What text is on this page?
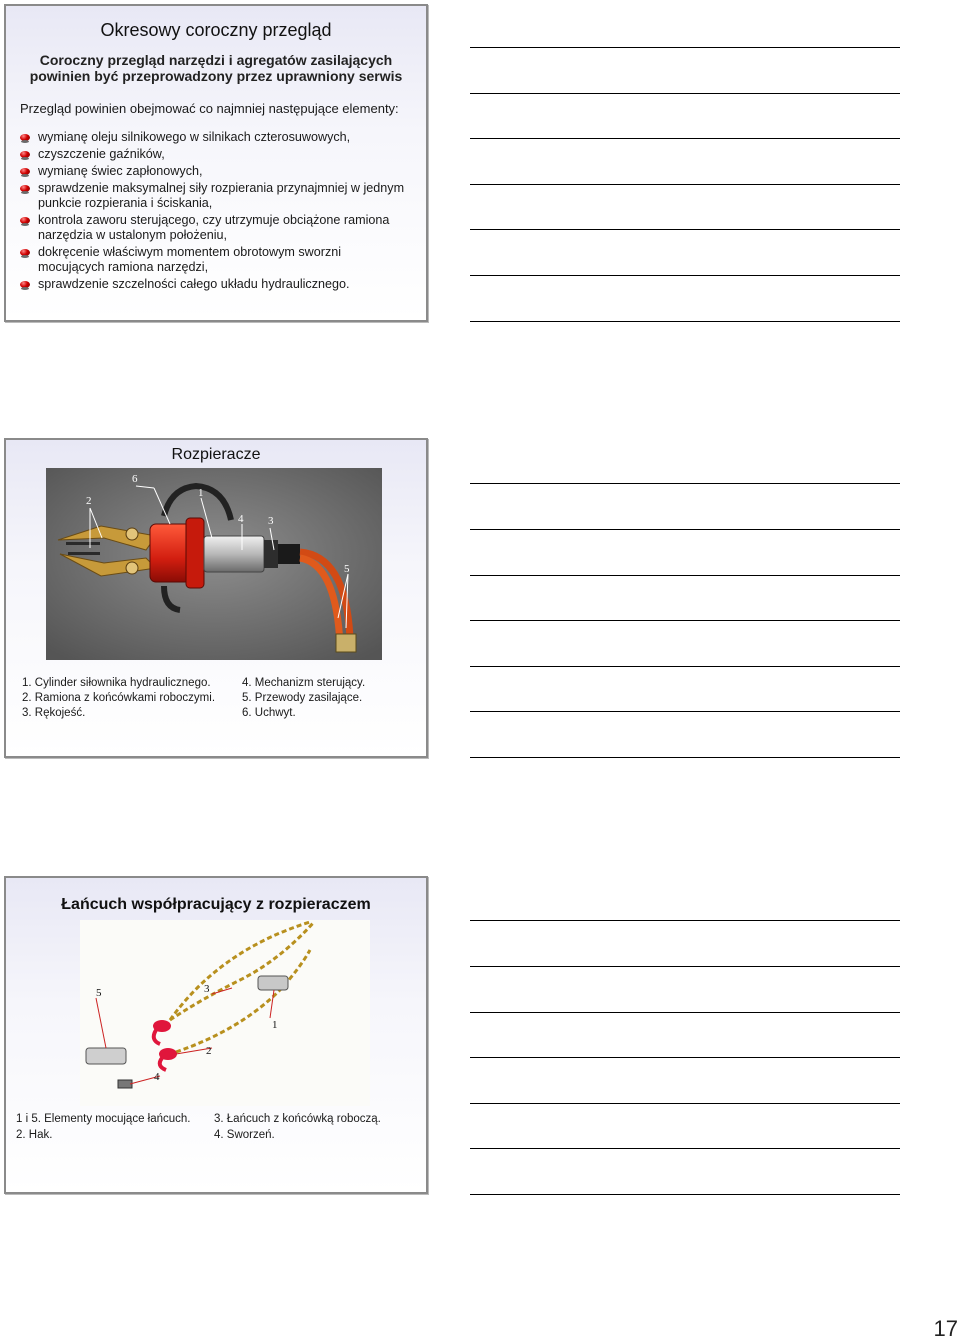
Okresowy coroczny przegląd
Coroczny przegląd narzędzi i agregatów zasilających
powinien być przeprowadzony przez uprawniony serwis
Przegląd powinien obejmować co najmniej następujące elementy:
wymianę oleju silnikowego w silnikach czterosuwowych,
czyszczenie gaźników,
wymianę świec zapłonowych,
sprawdzenie maksymalnej siły rozpierania przynajmniej w jednym punkcie rozpierania i ściskania,
kontrola zaworu sterującego, czy utrzymuje obciążone ramiona narzędzia w ustalonym położeniu,
dokręcenie właściwym momentem obrotowym sworzni mocujących ramiona narzędzi,
sprawdzenie szczelności całego układu hydraulicznego.
Rozpieracze
2
6
1
4 3
5
1. Cylinder siłownika hydraulicznego.
2. Ramiona z końcówkami roboczymi.
3. Rękojeść.
4. Mechanizm sterujący.
5. Przewody zasilające.
6. Uchwyt.
Łańcuch współpracujący z rozpieraczem
5	3
1
2
4
1 i 5. Elementy mocujące łańcuch.
2. Hak.
3. Łańcuch z końcówką roboczą.
4. Sworzeń.
17
